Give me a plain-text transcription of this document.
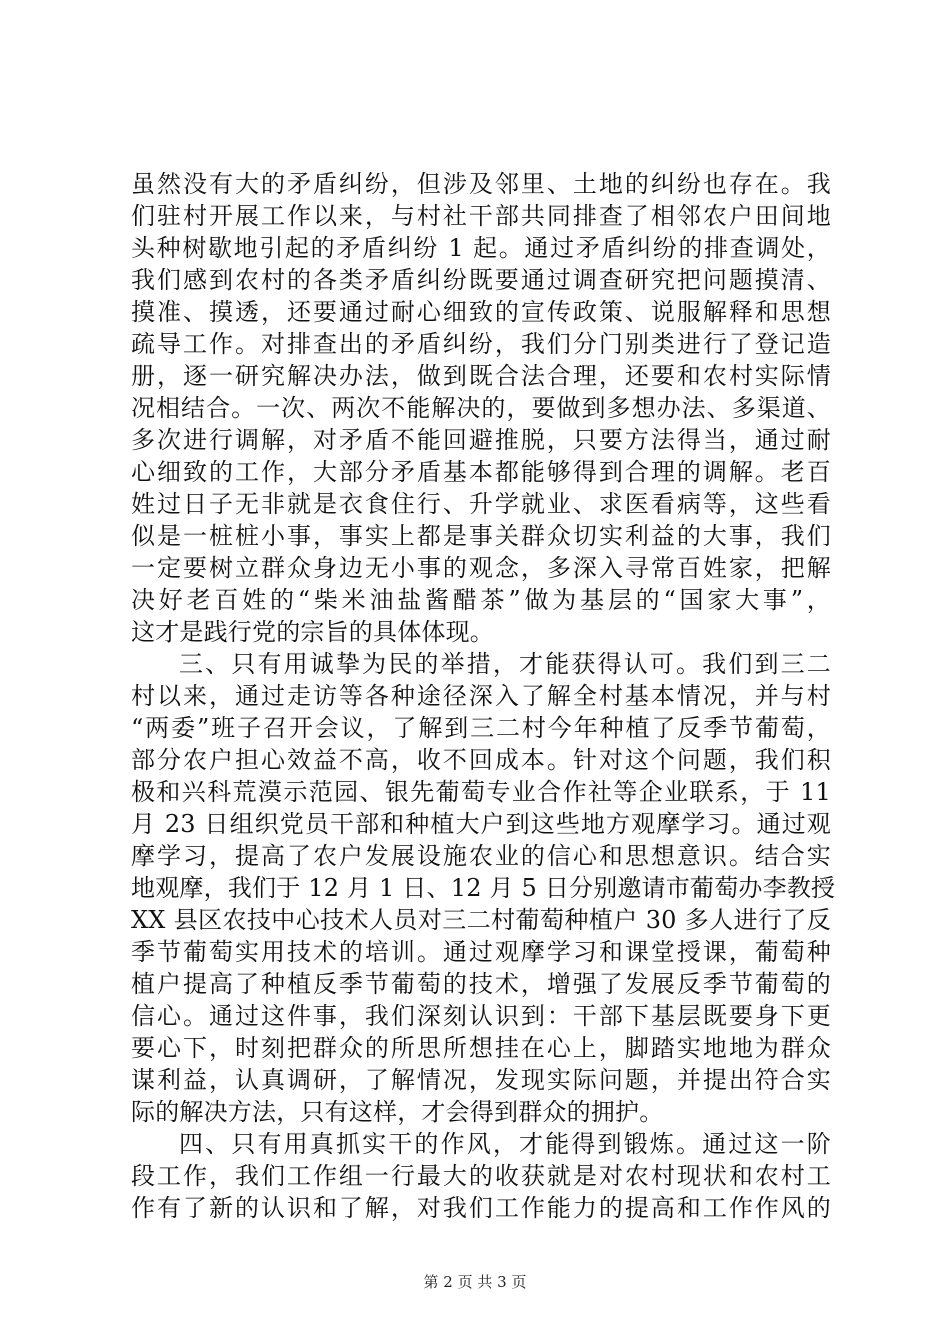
虽然没有大的矛盾纠纷，但涉及邻里、土地的纠纷也存在。我
们驻村开展工作以来，与村社干部共同排查了相邻农户田间地
头种树歇地引起的矛盾纠纷 1 起。通过矛盾纠纷的排查调处，
我们感到农村的各类矛盾纠纷既要通过调查研究把问题摸清、
摸准、摸透，还要通过耐心细致的宣传政策、说服解释和思想
疏导工作。对排查出的矛盾纠纷，我们分门别类进行了登记造
册，逐一研究解决办法，做到既合法合理，还要和农村实际情
况相结合。一次、两次不能解决的，要做到多想办法、多渠道、
多次进行调解，对矛盾不能回避推脱，只要方法得当，通过耐
心细致的工作，大部分矛盾基本都能够得到合理的调解。老百
姓过日子无非就是衣食住行、升学就业、求医看病等，这些看
似是一桩桩小事，事实上都是事关群众切实利益的大事，我们
一定要树立群众身边无小事的观念，多深入寻常百姓家，把解
决好老百姓的“柴米油盐酱醋茶”做为基层的“国家大事”，
这才是践行党的宗旨的具体体现。
三、只有用诚挚为民的举措，才能获得认可。我们到三二
村以来，通过走访等各种途径深入了解全村基本情况，并与村
“两委”班子召开会议，了解到三二村今年种植了反季节葡萄，
部分农户担心效益不高，收不回成本。针对这个问题，我们积
极和兴科荒漠示范园、银先葡萄专业合作社等企业联系，于 11
月 23 日组织党员干部和种植大户到这些地方观摩学习。通过观
摩学习，提高了农户发展设施农业的信心和思想意识。结合实
地观摩，我们于 12 月 1 日、12 月 5 日分别邀请市葡萄办李教授
XX 县区农技中心技术人员对三二村葡萄种植户 30 多人进行了反
季节葡萄实用技术的培训。通过观摩学习和课堂授课，葡萄种
植户提高了种植反季节葡萄的技术，增强了发展反季节葡萄的
信心。通过这件事，我们深刻认识到：干部下基层既要身下更
要心下，时刻把群众的所思所想挂在心上，脚踏实地地为群众
谋利益，认真调研，了解情况，发现实际问题，并提出符合实
际的解决方法，只有这样，才会得到群众的拥护。
四、只有用真抓实干的作风，才能得到锻炼。通过这一阶
段工作，我们工作组一行最大的收获就是对农村现状和农村工
作有了新的认识和了解，对我们工作能力的提高和工作作风的
第 2 页 共 3 页
